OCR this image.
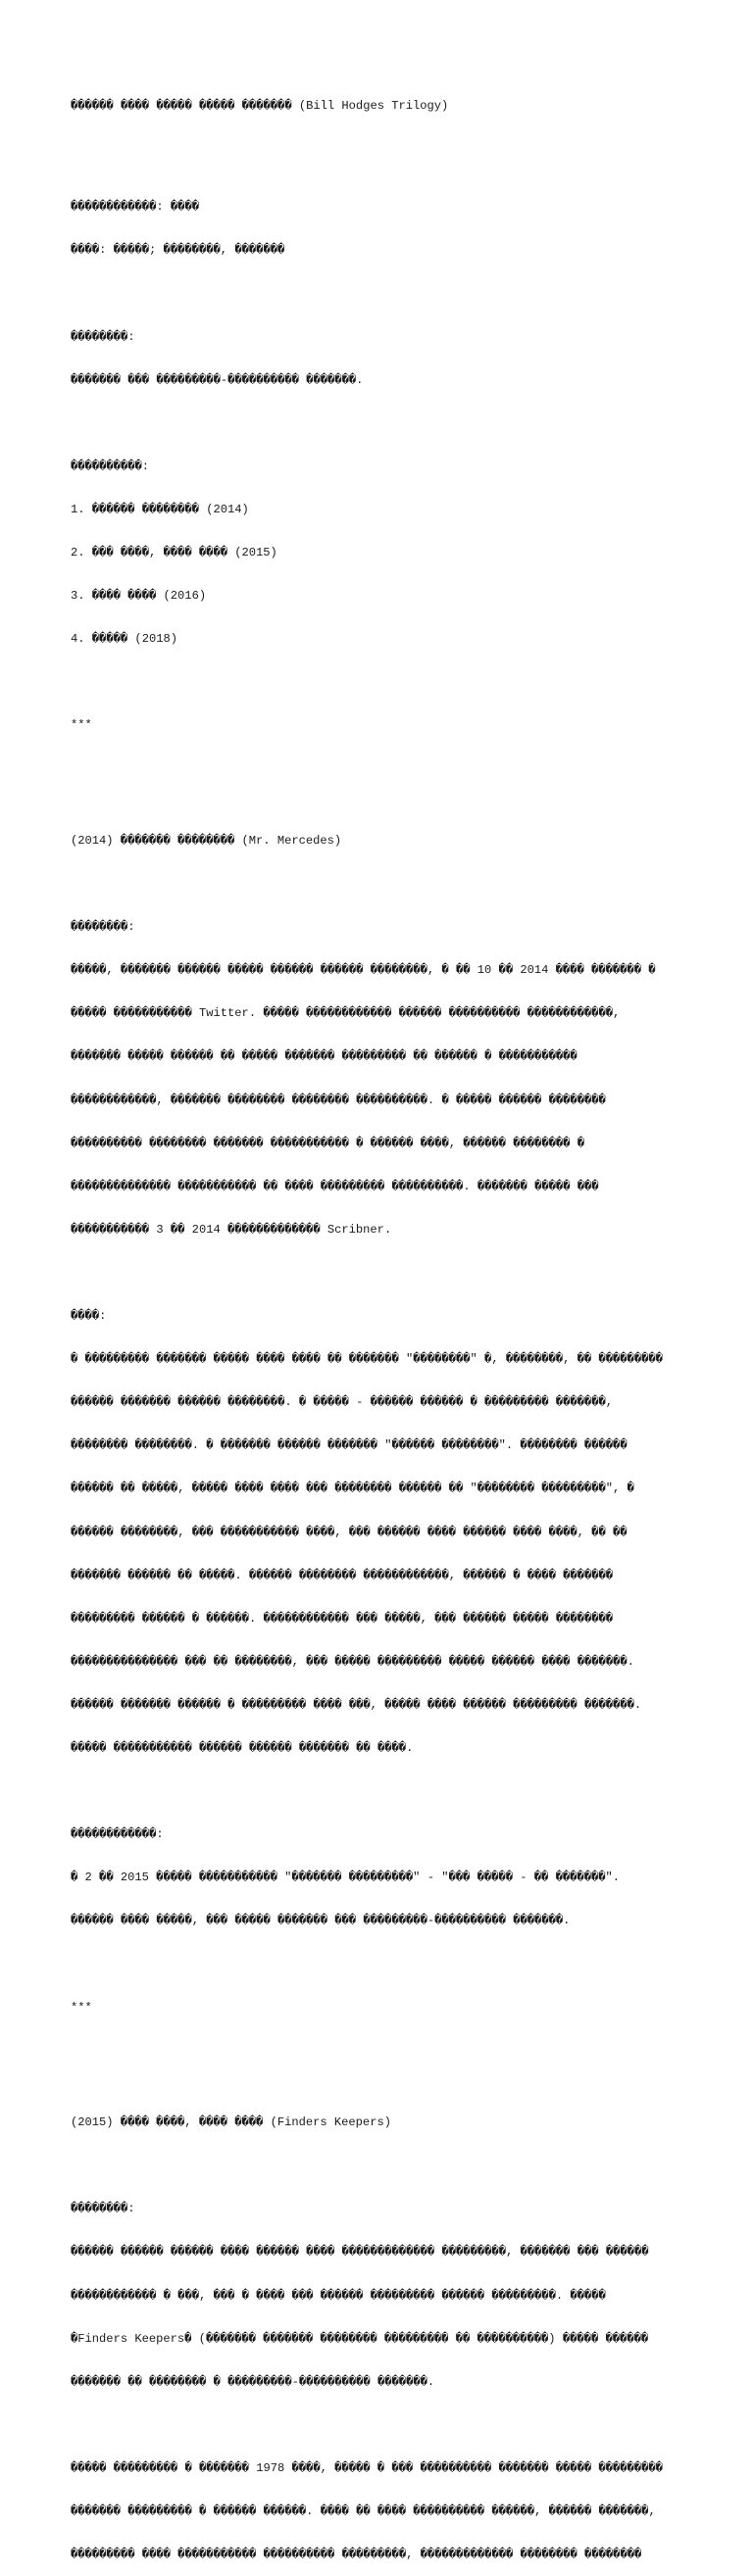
������ ���� ����� ����� ������� (Bill Hodges Trilogy)

������������: ����

����: �����; ��������, �������

��������:

������� ��� ���������-���������� �������.

����������:

1. ������ �������� (2014)

2. ��� ����, ���� ���� (2015)

3. ���� ���� (2016)

4. ����� (2018)

***

(2014) ������� �������� (Mr. Mercedes)

��������:

�����, ������� ������ ����� ������ ������ ��������, � �� 10 �� 2014 ���� ������� �

����� ����������� Twitter. ����� ������������ ������ ���������� ������������,

������� ����� ������ �� ����� ������� ��������� �� ������ � �����������

������������, ������� �������� �������� ����������. � ����� ������ ��������

���������� �������� ������� ����������� � ������ ����, ������ �������� �

�������������� ����������� �� ���� ��������� ����������. ������� ����� ���

����������� 3 �� 2014 ������������� Scribner.

����:

� ��������� ������� ����� ���� ���� �� ������� "��������" �, ��������, �� ���������

������ ������� ������ ��������. � ����� - ������ ������ � ��������� �������,

�������� ��������. � ������� ������ ������� "������ ��������". �������� ������

������ �� �����, ����� ���� ���� ��� �������� ������ �� "�������� ���������", �

������ ��������, ��� ����������� ����, ��� ������ ���� ������ ���� ����, �� ��

������� ������ �� �����. ������ �������� ������������, ������ � ���� �������

��������� ������ � ������. ������������ ��� �����, ��� ������ ����� ��������

��������������� ��� �� ��������, ��� ����� ��������� ����� ������ ���� �������.

������ ������� ������ � ��������� ���� ���, ����� ���� ������ ��������� �������.

����� ����������� ������ ������ ������� �� ����.

������������:

� 2 �� 2015 ����� ����������� "������� ���������" - "��� ����� - �� �������".

������ ���� �����, ��� ����� ������� ��� ���������-���������� �������.

***

(2015) ���� ����, ���� ���� (Finders Keepers)

��������:

������ ������ ������ ���� ������ ���� ������������� ���������, ������� ��� ������

������������ � ���, ��� � ���� ��� ������ ��������� ������ ���������. �����

�Finders Keepers� (������� ������� �������� ��������� �� ����������) ����� ������

������� �� �������� � ���������-���������� �������.

����� ��������� � ������� 1978 ����, ����� � ��� ���������� ������� ����� ���������

������� ��������� � ������ ������. ���� �� ���� ���������� ������, ������ �������,

��������� ���� ����������� ���������� ���������, ������������� �������� ��������
